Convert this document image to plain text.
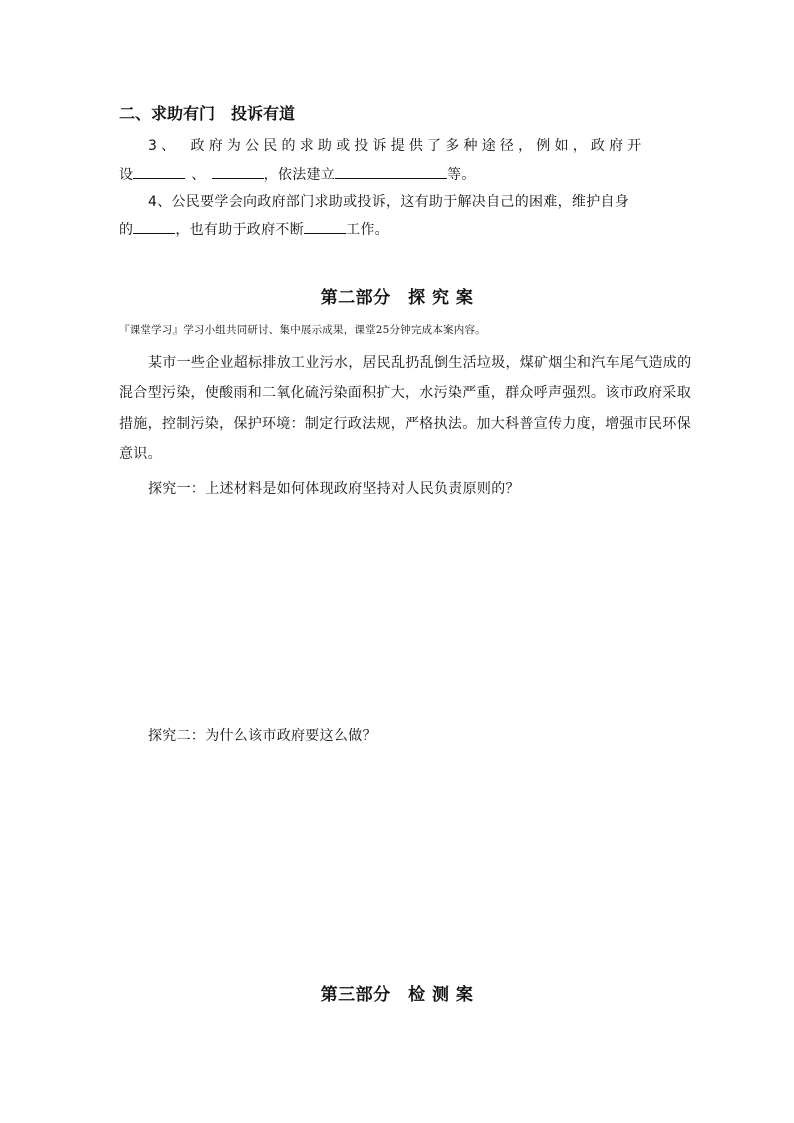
二、求助有门　投诉有道
3、　政府为公民的求助或投诉提供了多种途径，例如，政府开
设	、	，依法建立	等。
4、公民要学会向政府部门求助或投诉，这有助于解决自己的困难，维护自身
的	，也有助于政府不断	工作。
第二部分　探 究 案
『课堂学习』学习小组共同研讨、集中展示成果，课堂25分钟完成本案内容。
某市一些企业超标排放工业污水，居民乱扔乱倒生活垃圾，煤矿烟尘和汽车尾气造成的
混合型污染，使酸雨和二氧化硫污染面积扩大，水污染严重，群众呼声强烈。该市政府采取
措施，控制污染，保护环境：制定行政法规，严格执法。加大科普宣传力度，增强市民环保
意识。
探究一：上述材料是如何体现政府坚持对人民负责原则的？
探究二：为什么该市政府要这么做？
第三部分　检 测 案
